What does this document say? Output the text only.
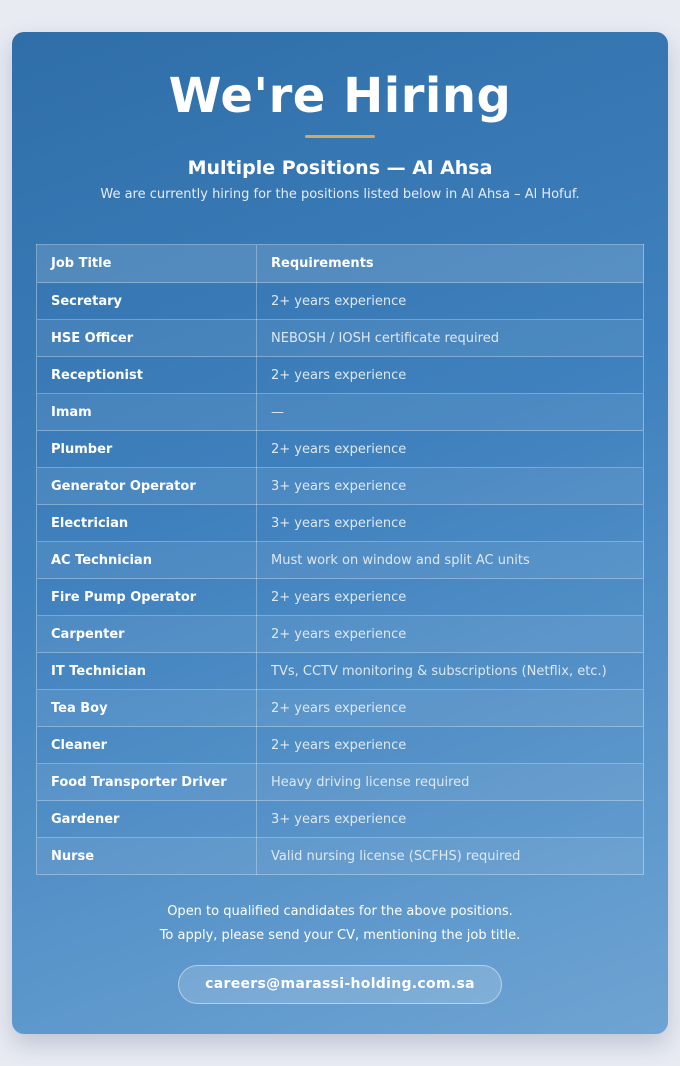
We're Hiring
Multiple Positions — Al Ahsa

We are currently hiring for the positions listed below in Al Ahsa – Al Hofuf.

Job Title	Requirements
Secretary	2+ years experience
HSE Officer	NEBOSH / IOSH certificate required
Receptionist	2+ years experience
Imam	—
Plumber	2+ years experience
Generator Operator	3+ years experience
Electrician	3+ years experience
AC Technician	Must work on window and split AC units
Fire Pump Operator	2+ years experience
Carpenter	2+ years experience
IT Technician	TVs, CCTV monitoring & subscriptions (Netflix, etc.)
Tea Boy	2+ years experience
Cleaner	2+ years experience
Food Transporter Driver	Heavy driving license required
Gardener	3+ years experience
Nurse	Valid nursing license (SCFHS) required

Open to qualified candidates for the above positions.

To apply, please send your CV, mentioning the job title.

careers@marassi-holding.com.sa
